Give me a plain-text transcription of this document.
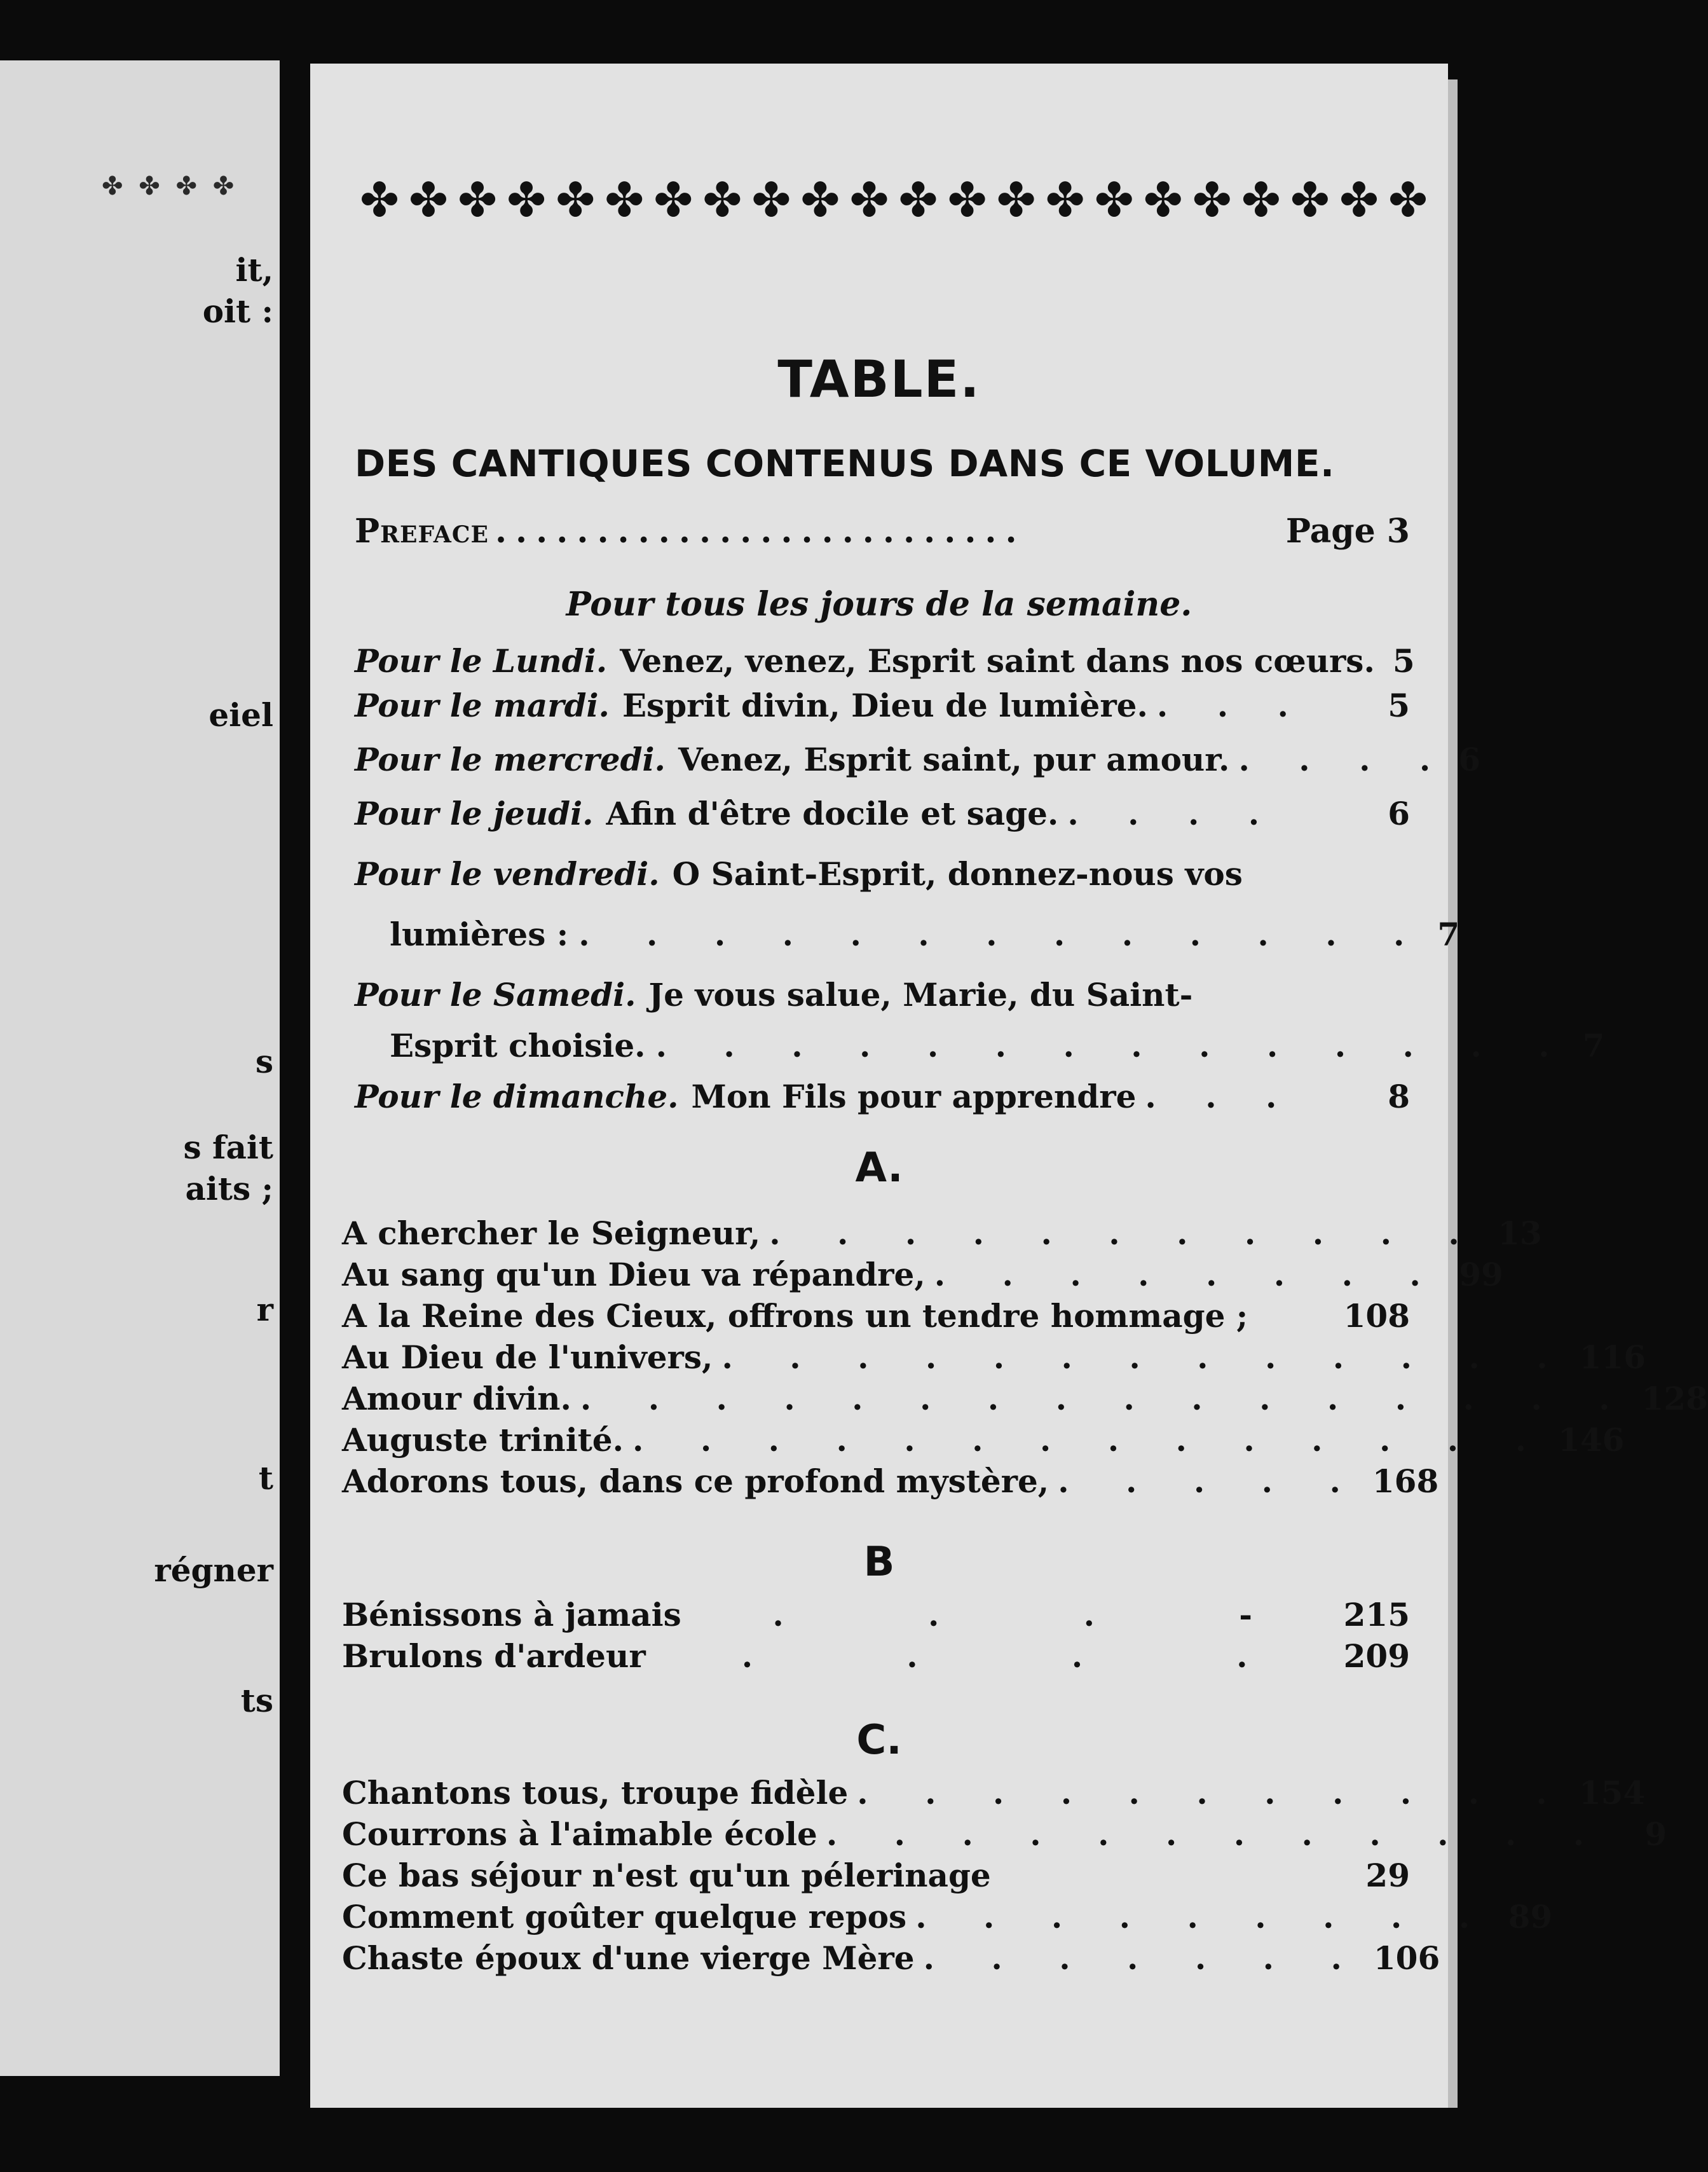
✤ ✤ ✤ ✤
it,
oit :
eiel
s
s fait
aits ;
r
t
régner
ts
✤ ✤ ✤ ✤ ✤ ✤ ✤ ✤ ✤ ✤ ✤ ✤ ✤ ✤ ✤ ✤ ✤ ✤ ✤ ✤ ✤ ✤
TABLE.
DES CANTIQUES CONTENUS DANS CE VOLUME.
Preface ..........................	Page 3
Pour tous les jours de la semaine.
Pour le Lundi. Venez, venez, Esprit saint dans nos cœurs. 5
Pour le mardi. Esprit divin, Dieu de lumière. . . .	5
Pour le mercredi. Venez, Esprit saint, pur amour. . . . . 6
Pour le jeudi. Afin d'être docile et sage. . . . .	6
Pour le vendredi. O Saint-Esprit, donnez-nous vos
lumières : . . . . . . . . . . . . . 7
Pour le Samedi. Je vous salue, Marie, du Saint-
Esprit choisie. . . . . . . . . . . . . . . 7
Pour le dimanche. Mon Fils pour apprendre . . .	8
A.
A chercher le Seigneur, . . . . . . . . . . . 13
Au sang qu'un Dieu va répandre, . . . . . . . . 99
A la Reine des Cieux, offrons un tendre hommage ;	108
Au Dieu de l'univers, . . . . . . . . . . . . . 116
Amour divin. . . . . . . . . . . . . . . . . 128
Auguste trinité. . . . . . . . . . . . . . . 146
Adorons tous, dans ce profond mystère, . . . . . 168
B
Bénissons à jamais	.	.	.	-	215
Brulons d'ardeur	.	.	.	.	209
C.
Chantons tous, troupe fidèle . . . . . . . . . . . 154
Courrons à l'aimable école . . . . . . . . . . . .	9
Ce bas séjour n'est qu'un pélerinage	29
Comment goûter quelque repos . . . . . . . . . 89
Chaste époux d'une vierge Mère . . . . . . . 106
